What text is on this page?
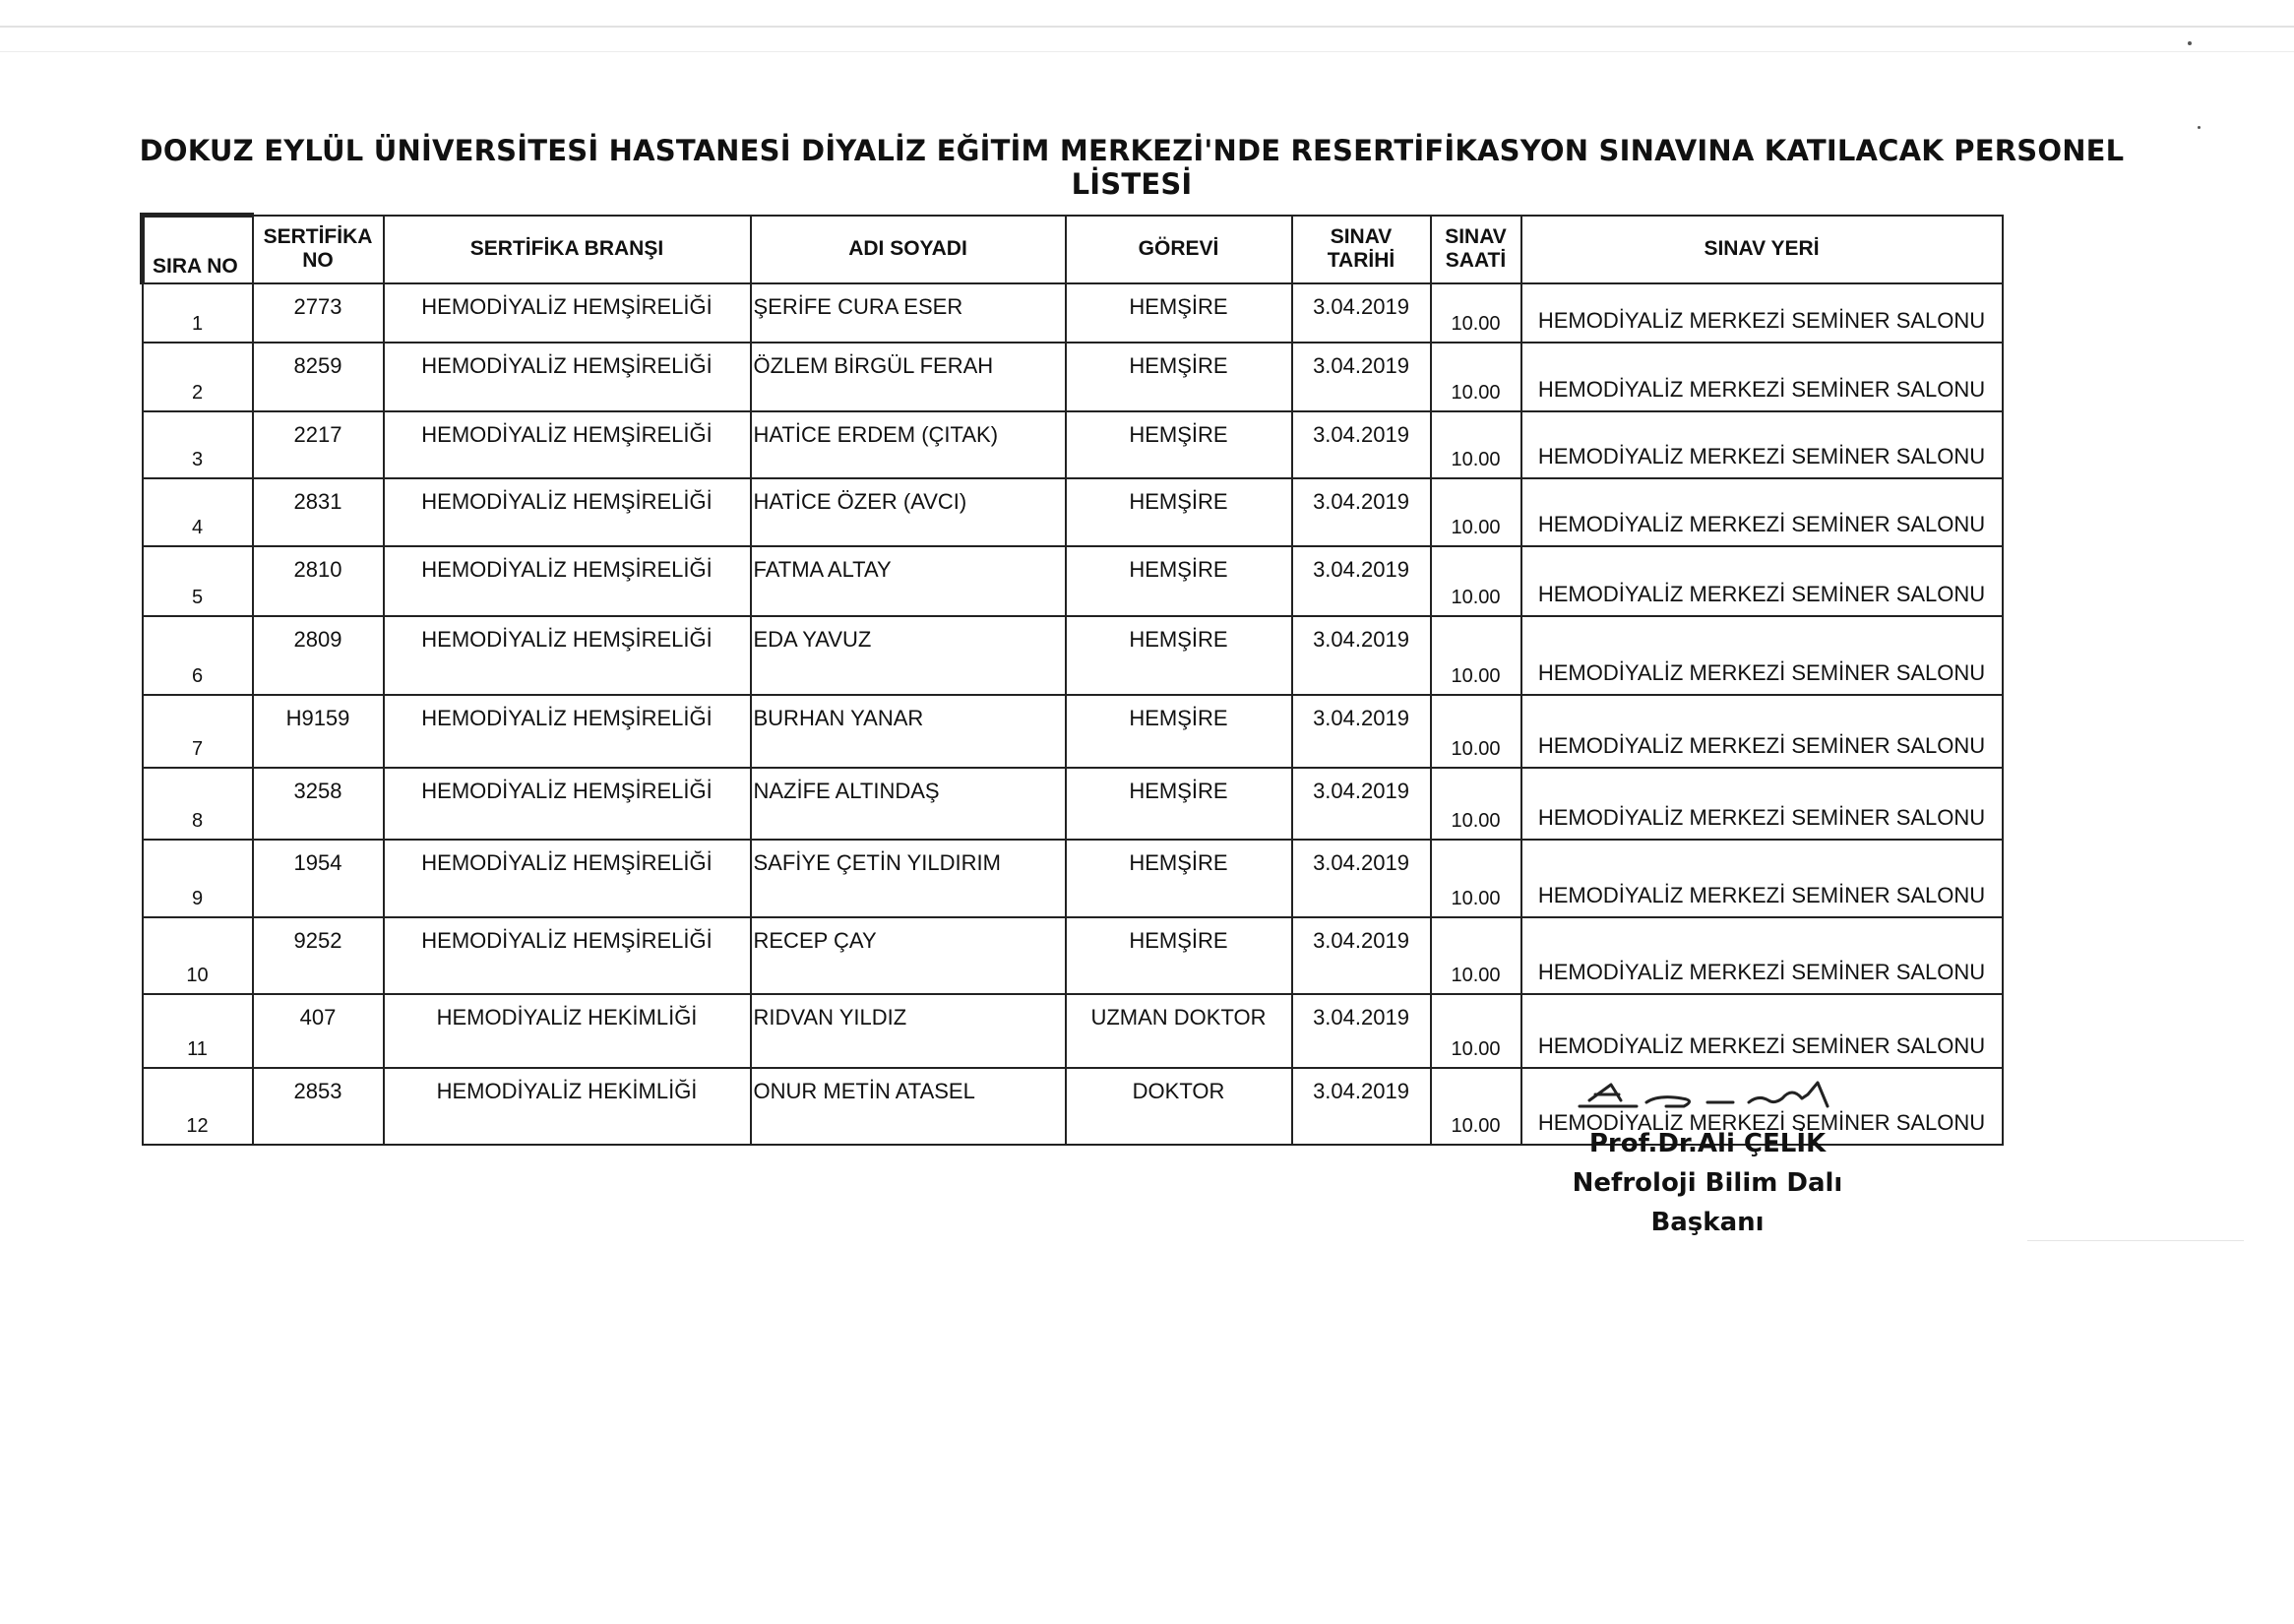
DOKUZ EYLÜL ÜNİVERSİTESİ HASTANESİ DİYALİZ EĞİTİM MERKEZİ'NDE RESERTİFİKASYON SINAVINA KATILACAK PERSONEL LİSTESİ
SIRA NO	SERTİFİKA NO	SERTİFİKA BRANŞI	ADI SOYADI	GÖREVİ	SINAV TARİHİ	SINAV SAATİ	SINAV YERİ
1	2773	HEMODİYALİZ HEMŞİRELİĞİ	ŞERİFE CURA ESER	HEMŞİRE	3.04.2019	10.00	HEMODİYALİZ MERKEZİ SEMİNER SALONU
2	8259	HEMODİYALİZ HEMŞİRELİĞİ	ÖZLEM BİRGÜL FERAH	HEMŞİRE	3.04.2019	10.00	HEMODİYALİZ MERKEZİ SEMİNER SALONU
3	2217	HEMODİYALİZ HEMŞİRELİĞİ	HATİCE ERDEM (ÇITAK)	HEMŞİRE	3.04.2019	10.00	HEMODİYALİZ MERKEZİ SEMİNER SALONU
4	2831	HEMODİYALİZ HEMŞİRELİĞİ	HATİCE ÖZER (AVCI)	HEMŞİRE	3.04.2019	10.00	HEMODİYALİZ MERKEZİ SEMİNER SALONU
5	2810	HEMODİYALİZ HEMŞİRELİĞİ	FATMA ALTAY	HEMŞİRE	3.04.2019	10.00	HEMODİYALİZ MERKEZİ SEMİNER SALONU
6	2809	HEMODİYALİZ HEMŞİRELİĞİ	EDA YAVUZ	HEMŞİRE	3.04.2019	10.00	HEMODİYALİZ MERKEZİ SEMİNER SALONU
7	H9159	HEMODİYALİZ HEMŞİRELİĞİ	BURHAN YANAR	HEMŞİRE	3.04.2019	10.00	HEMODİYALİZ MERKEZİ SEMİNER SALONU
8	3258	HEMODİYALİZ HEMŞİRELİĞİ	NAZİFE ALTINDAŞ	HEMŞİRE	3.04.2019	10.00	HEMODİYALİZ MERKEZİ SEMİNER SALONU
9	1954	HEMODİYALİZ HEMŞİRELİĞİ	SAFİYE ÇETİN YILDIRIM	HEMŞİRE	3.04.2019	10.00	HEMODİYALİZ MERKEZİ SEMİNER SALONU
10	9252	HEMODİYALİZ HEMŞİRELİĞİ	RECEP ÇAY	HEMŞİRE	3.04.2019	10.00	HEMODİYALİZ MERKEZİ SEMİNER SALONU
11	407	HEMODİYALİZ HEKİMLİĞİ	RIDVAN YILDIZ	UZMAN DOKTOR	3.04.2019	10.00	HEMODİYALİZ MERKEZİ SEMİNER SALONU
12	2853	HEMODİYALİZ HEKİMLİĞİ	ONUR METİN ATASEL	DOKTOR	3.04.2019	10.00	HEMODİYALİZ MERKEZİ SEMİNER SALONU
Prof.Dr.Ali ÇELİK
Nefroloji Bilim Dalı Başkanı
